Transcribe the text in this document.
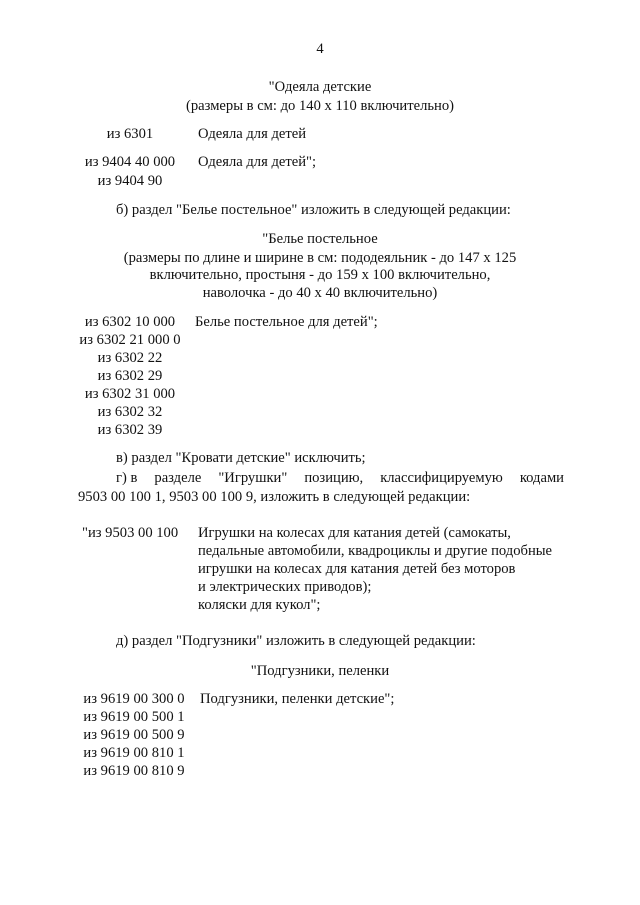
4
"Одеяла детские
(размеры в см: до 140 х 110 включительно)
из 6301	Одеяла для детей
из 9404 40 000
из 9404 90
Одеяла для детей";
б) раздел "Белье постельное" изложить в следующей редакции:
"Белье постельное
(размеры по длине и ширине в см: пододеяльник - до 147 х 125
включительно, простыня - до 159 х 100 включительно,
наволочка - до 40 х 40 включительно)
из 6302 10 000
из 6302 21 000 0
из 6302 22
из 6302 29
из 6302 31 000
из 6302 32
из 6302 39
Белье постельное для детей";
в) раздел "Кровати детские" исключить;
г) в разделе "Игрушки" позицию, классифицируемую кодами
9503 00 100 1, 9503 00 100 9, изложить в следующей редакции:
"из 9503 00 100 Игрушки на колесах для катания детей (самокаты,
педальные автомобили, квадроциклы и другие подобные
игрушки на колесах для катания детей без моторов
и электрических приводов);
коляски для кукол";
д) раздел "Подгузники" изложить в следующей редакции:
"Подгузники, пеленки
из 9619 00 300 0
из 9619 00 500 1
из 9619 00 500 9
из 9619 00 810 1
из 9619 00 810 9
Подгузники, пеленки детские";
